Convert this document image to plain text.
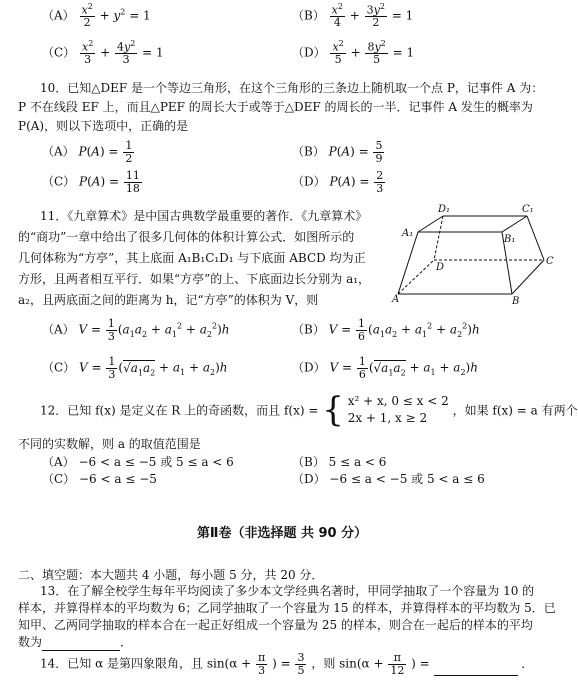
$(A) \frac{x^2}{2} + y^2 = 1$	$(B) \frac{x^2}{4} + \frac{3y^2}{2} = 1$
$(C) \frac{x^2}{3} + \frac{4y^2}{3} = 1$	$(D) \frac{x^2}{5} + \frac{8y^2}{5} = 1$
10．已知△DEF 是一个等边三角形，在这个三角形的三条边上随机取一个点 P，记事件 A 为：
P 不在线段 EF 上，而且△PEF 的周长大于或等于△DEF 的周长的一半．记事件 A 发生的概率为
P(A)，则以下选项中，正确的是
（A） $P(A) = \frac{1}{2}$	（B） $P(A) = \frac{5}{9}$
（C） $P(A) = \frac{11}{18}$	（D） $P(A) = \frac{2}{3}$
11．《九章算术》是中国古典数学最重要的著作．《九章算术》
的“商功”一章中给出了很多几何体的体积计算公式．如图所示的
几何体称为“方亭”，其上底面 A₁B₁C₁D₁ 与下底面 ABCD 均为正
方形，且两者相互平行．如果“方亭”的上、下底面边长分别为 a₁，
a₂，且两底面之间的距离为 h，记“方亭”的体积为 V，则
D₁	C₁
A₁
B₁
D
C
A	B
（A） $V = \frac{1}{3} (a_1a_2 + a_1^2 + a_2^2)h$	（B） $V = \frac{1}{6} (a_1a_2 + a_1^2 + a_2^2)h$
（C） $V = \frac{1}{3} (√a_1a_2 + a_1 + a_2)h$	（D） $V = \frac{1}{6} (√a_1a_2 + a_1 + a_2)h$
12．已知 f(x) 是定义在 R 上的奇函数，而且 f(x) = { x² + x, 0 ≤ x < 2
2x + 1, x ≥ 2
，如果 f(x) = a 有两个
不同的实数解，则 a 的取值范围是
（A） −6 < a ≤ −5 或 5 ≤ a < 6	（B） 5 ≤ a < 6
（C） −6 < a ≤ −5	（D） −6 ≤ a < −5 或 5 < a ≤ 6
第Ⅱ卷（非选择题 共 90 分）
二、填空题：本大题共 4 小题，每小题 5 分，共 20 分．
13．在了解全校学生每年平均阅读了多少本文学经典名著时，甲同学抽取了一个容量为 10 的
样本，并算得样本的平均数为 6；乙同学抽取了一个容量为 15 的样本，并算得样本的平均数为 5．已
知甲、乙两同学抽取的样本合在一起正好组成一个容量为 25 的样本，则合在一起后的样本的平均
数为	．
14．已知 α 是第四象限角，且 $\sin(\alpha + \frac{\pi}{3}$ ) = $\frac{3}{5}$ ，则 $\sin(\alpha + \frac{\pi}{12}$ ) =	．
